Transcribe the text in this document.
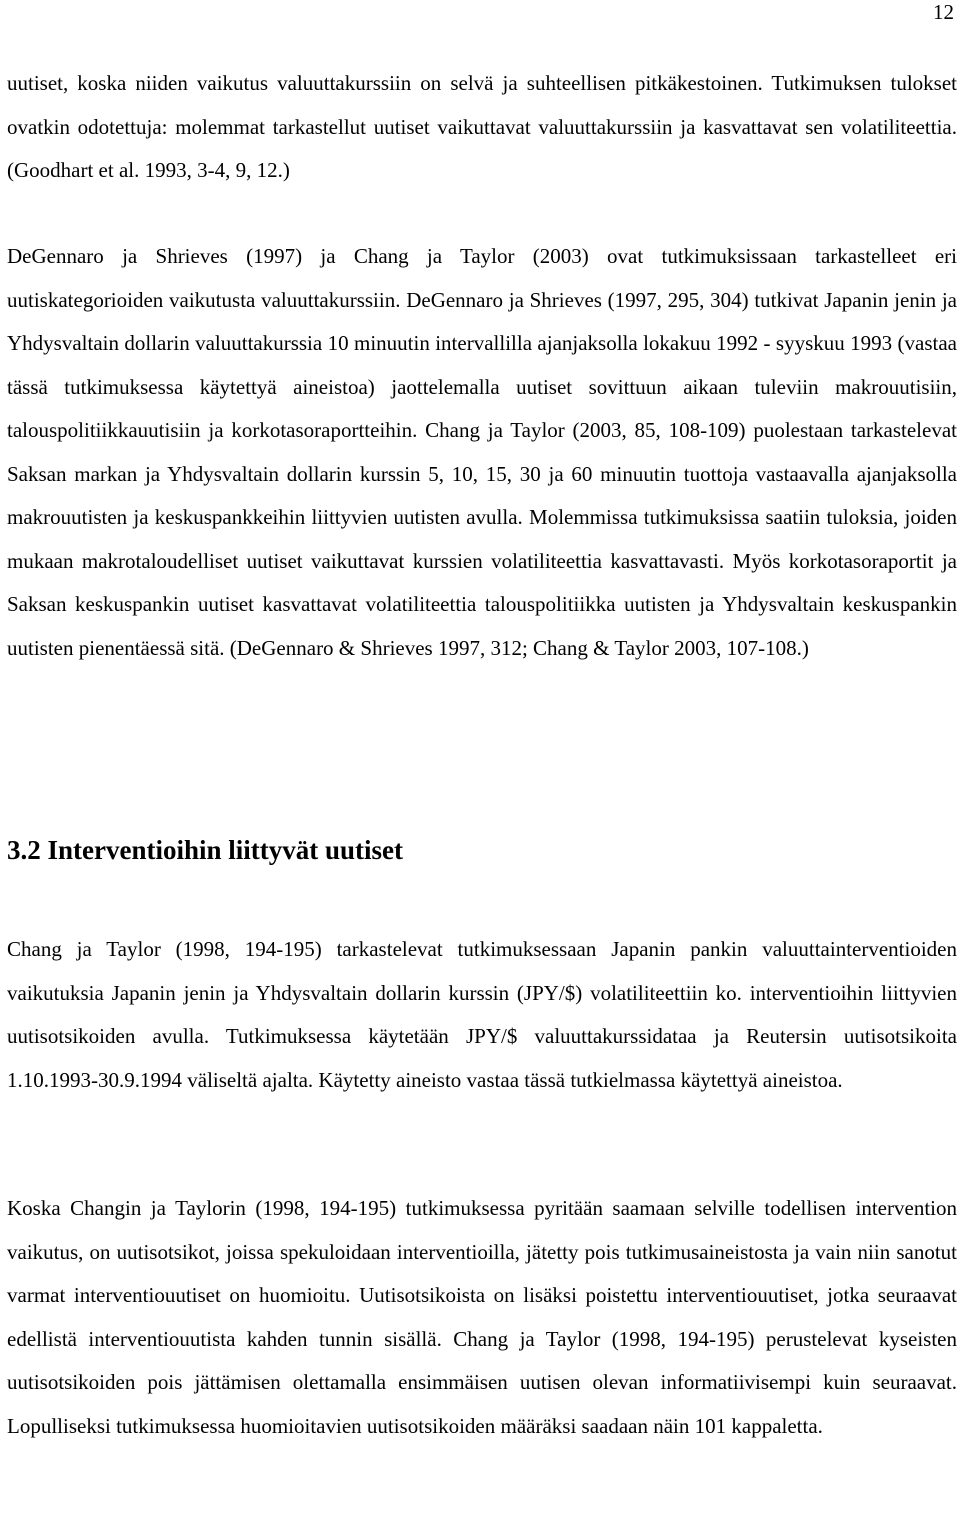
12

uutiset, koska niiden vaikutus valuuttakurssiin on selvä ja suhteellisen pitkäkestoinen. Tutkimuksen tulokset ovatkin odotettuja: molemmat tarkastellut uutiset vaikuttavat valuuttakurssiin ja kasvattavat sen volatiliteettia. (Goodhart et al. 1993, 3-4, 9, 12.)

DeGennaro ja Shrieves (1997) ja Chang ja Taylor (2003) ovat tutkimuksissaan tarkastelleet eri uutiskategorioiden vaikutusta valuuttakurssiin. DeGennaro ja Shrieves (1997, 295, 304) tutkivat Japanin jenin ja Yhdysvaltain dollarin valuuttakurssia 10 minuutin intervallilla ajanjaksolla lokakuu 1992 - syyskuu 1993 (vastaa tässä tutkimuksessa käytettyä aineistoa) jaottelemalla uutiset sovittuun aikaan tuleviin makrouutisiin, talouspolitiikkauutisiin ja korkotasoraportteihin. Chang ja Taylor (2003, 85, 108-109) puolestaan tarkastelevat Saksan markan ja Yhdysvaltain dollarin kurssin 5, 10, 15, 30 ja 60 minuutin tuottoja vastaavalla ajanjaksolla makrouutisten ja keskuspankkeihin liittyvien uutisten avulla. Molemmissa tutkimuksissa saatiin tuloksia, joiden mukaan makrotaloudelliset uutiset vaikuttavat kurssien volatiliteettia kasvattavasti. Myös korkotasoraportit ja Saksan keskuspankin uutiset kasvattavat volatiliteettia talouspolitiikka uutisten ja Yhdysvaltain keskuspankin uutisten pienentäessä sitä. (DeGennaro & Shrieves 1997, 312; Chang & Taylor 2003, 107-108.)

3.2 Interventioihin liittyvät uutiset

Chang ja Taylor (1998, 194-195) tarkastelevat tutkimuksessaan Japanin pankin valuuttainterventioiden vaikutuksia Japanin jenin ja Yhdysvaltain dollarin kurssin (JPY/$) volatiliteettiin ko. interventioihin liittyvien uutisotsikoiden avulla. Tutkimuksessa käytetään JPY/$ valuuttakurssidataa ja Reutersin uutisotsikoita 1.10.1993-30.9.1994 väliseltä ajalta. Käytetty aineisto vastaa tässä tutkielmassa käytettyä aineistoa.

Koska Changin ja Taylorin (1998, 194-195) tutkimuksessa pyritään saamaan selville todellisen intervention vaikutus, on uutisotsikot, joissa spekuloidaan interventioilla, jätetty pois tutkimusaineistosta ja vain niin sanotut varmat interventiouutiset on huomioitu. Uutisotsikoista on lisäksi poistettu interventiouutiset, jotka seuraavat edellistä interventiouutista kahden tunnin sisällä. Chang ja Taylor (1998, 194-195) perustelevat kyseisten uutisotsikoiden pois jättämisen olettamalla ensimmäisen uutisen olevan informatiivisempi kuin seuraavat. Lopulliseksi tutkimuksessa huomioitavien uutisotsikoiden määräksi saadaan näin 101 kappaletta.
